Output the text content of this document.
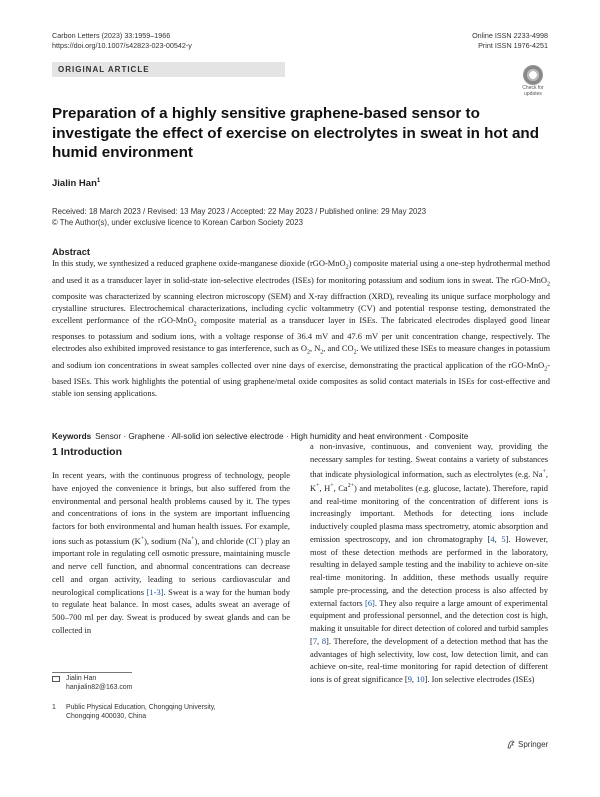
Carbon Letters (2023) 33:1959–1966
https://doi.org/10.1007/s42823-023-00542-y
Online ISSN 2233-4998
Print ISSN 1976-4251
ORIGINAL ARTICLE
Check for
updates
Preparation of a highly sensitive graphene-based sensor to investigate the effect of exercise on electrolytes in sweat in hot and humid environment
Jialin Han$^1$
Received: 18 March 2023 / Revised: 13 May 2023 / Accepted: 22 May 2023 / Published online: 29 May 2023
© The Author(s), under exclusive licence to Korean Carbon Society 2023
Abstract
In this study, we synthesized a reduced graphene oxide-manganese dioxide (rGO-MnO$_2$) composite material using a one-step hydrothermal method and used it as a transducer layer in solid-state ion-selective electrodes (ISEs) for monitoring potassium and sodium ions in sweat. The rGO-MnO$_2$ composite was characterized by scanning electron microscopy (SEM) and X-ray diffraction (XRD), revealing its unique surface morphology and crystalline structures. Electrochemical characterizations, including cyclic voltammetry (CV) and potential response testing, demonstrated the excellent performance of the rGO-MnO$_2$ composite material as a transducer layer in ISEs. The fabricated electrodes displayed good linear responses to potassium and sodium ions, with a voltage response of 36.4 mV and 47.6 mV per unit concentration change, respectively. The electrodes also exhibited improved resistance to gas interference, such as $O_2$, $N_2$, and $CO_2$. We utilized these ISEs to measure changes in potassium and sodium ion concentrations in sweat samples collected over nine days of exercise, demonstrating the practical application of the rGO-MnO$_2$-based ISEs. This work highlights the potential of using graphene/metal oxide composites as solid contact materials in ISEs for cost-effective and stable ion sensing applications.
Keywords Sensor · Graphene · All-solid ion selective electrode · High humidity and heat environment · Composite
1 Introduction
In recent years, with the continuous progress of technology, people have enjoyed the convenience it brings, but also suffered from the environmental and personal health problems caused by it. The types and concentrations of ions in the system are important influencing factors for both environmental and human health issues. For example, ions such as potassium (K+), sodium (Na+), and chloride (Cl−) play an important role in regulating cell osmotic pressure, maintaining muscle and nerve cell function, and abnormal concentrations can decrease cell and organ activity, leading to serious cardiovascular and neurological complications [1-3]. Sweat is a way for the human body to regulate heat balance. In most cases, adults sweat an average of 500–700 ml per day. Sweat is produced by sweat glands and can be collected in
a non-invasive, continuous, and convenient way, providing the necessary samples for testing. Sweat contains a variety of substances that indicate physiological information, such as electrolytes (e.g. Na+, K+, H+, $Ca^{2+}$) and metabolites (e.g. glucose, lactate). Therefore, rapid and real-time monitoring of the concentration of different ions is increasingly important. Methods for detecting ions include inductively coupled plasma mass spectrometry, atomic absorption and emission spectroscopy, and ion chromatography [4, 5]. However, most of these detection methods are performed in the laboratory, resulting in delayed sample testing and the inability to achieve on-site real-time monitoring. In addition, these methods usually require sample pre-processing, and the detection process is also affected by external factors [6]. They also require a large amount of experimental equipment and professional personnel, and the detection cost is high, making it unsuitable for direct detection of colored and turbid samples [7, 8]. Therefore, the development of a detection method that has the advantages of high selectivity, low cost, low detection limit, and can achieve on-site, real-time monitoring for rapid detection of different ions is of great significance [9, 10]. Ion selective electrodes (ISEs)
Jialin Han
hanjialin82@163.com
1 Public Physical Education, Chongqing University,
Chongqing 400030, China
Springer
